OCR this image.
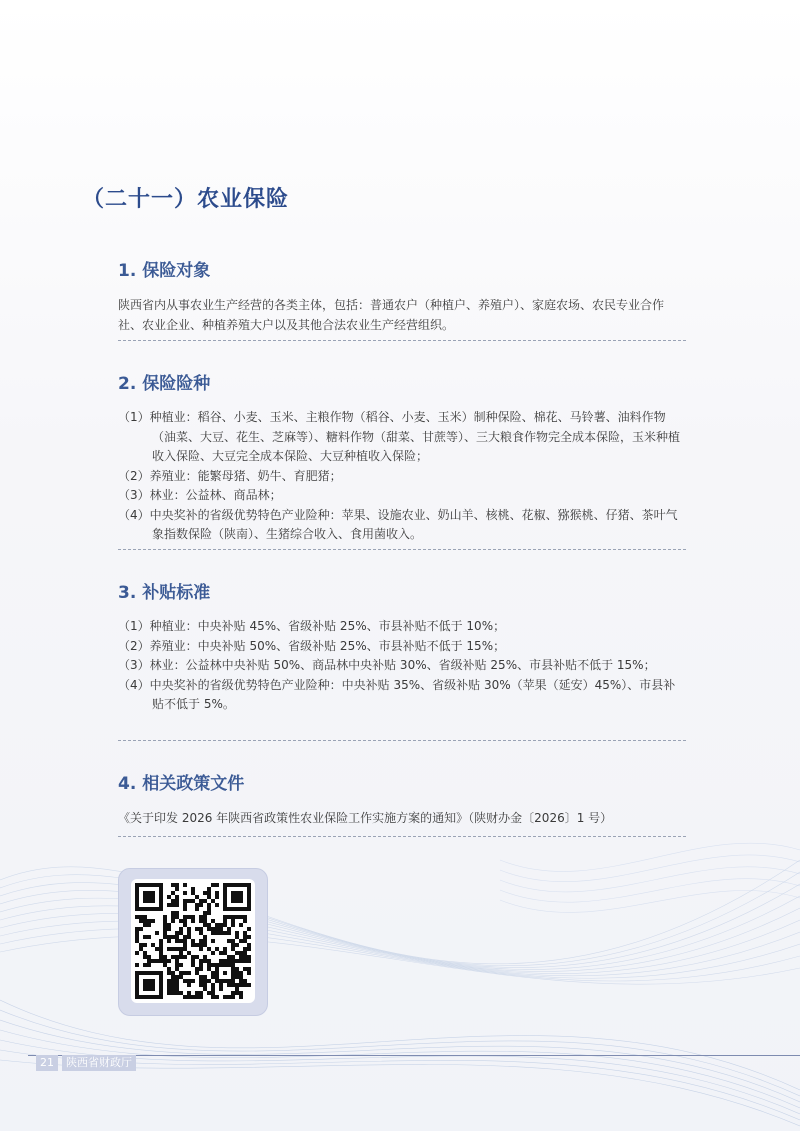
（二十一）农业保险
1. 保险对象

陕西省内从事农业生产经营的各类主体，包括：普通农户（种植户、养殖户）、家庭农场、农民专业合作社、农业企业、种植养殖大户以及其他合法农业生产经营组织。

2. 保险险种
（1）种植业：稻谷、小麦、玉米、主粮作物（稻谷、小麦、玉米）制种保险、棉花、马铃薯、油料作物（油菜、大豆、花生、芝麻等）、糖料作物（甜菜、甘蔗等）、三大粮食作物完全成本保险，玉米种植收入保险、大豆完全成本保险、大豆种植收入保险；
（2）养殖业：能繁母猪、奶牛、育肥猪；
（3）林业：公益林、商品林；
（4）中央奖补的省级优势特色产业险种：苹果、设施农业、奶山羊、核桃、花椒、猕猴桃、仔猪、茶叶气象指数保险（陕南）、生猪综合收入、食用菌收入。
3. 补贴标准
（1）种植业：中央补贴 45%、省级补贴 25%、市县补贴不低于 10%；
（2）养殖业：中央补贴 50%、省级补贴 25%、市县补贴不低于 15%；
（3）林业：公益林中央补贴 50%、商品林中央补贴 30%、省级补贴 25%、市县补贴不低于 15%；
（4）中央奖补的省级优势特色产业险种：中央补贴 35%、省级补贴 30%（苹果（延安）45%）、市县补贴不低于 5%。
4. 相关政策文件

《关于印发 2026 年陕西省政策性农业保险工作实施方案的通知》（陕财办金〔2026〕1 号）

21	陕西省财政厅
